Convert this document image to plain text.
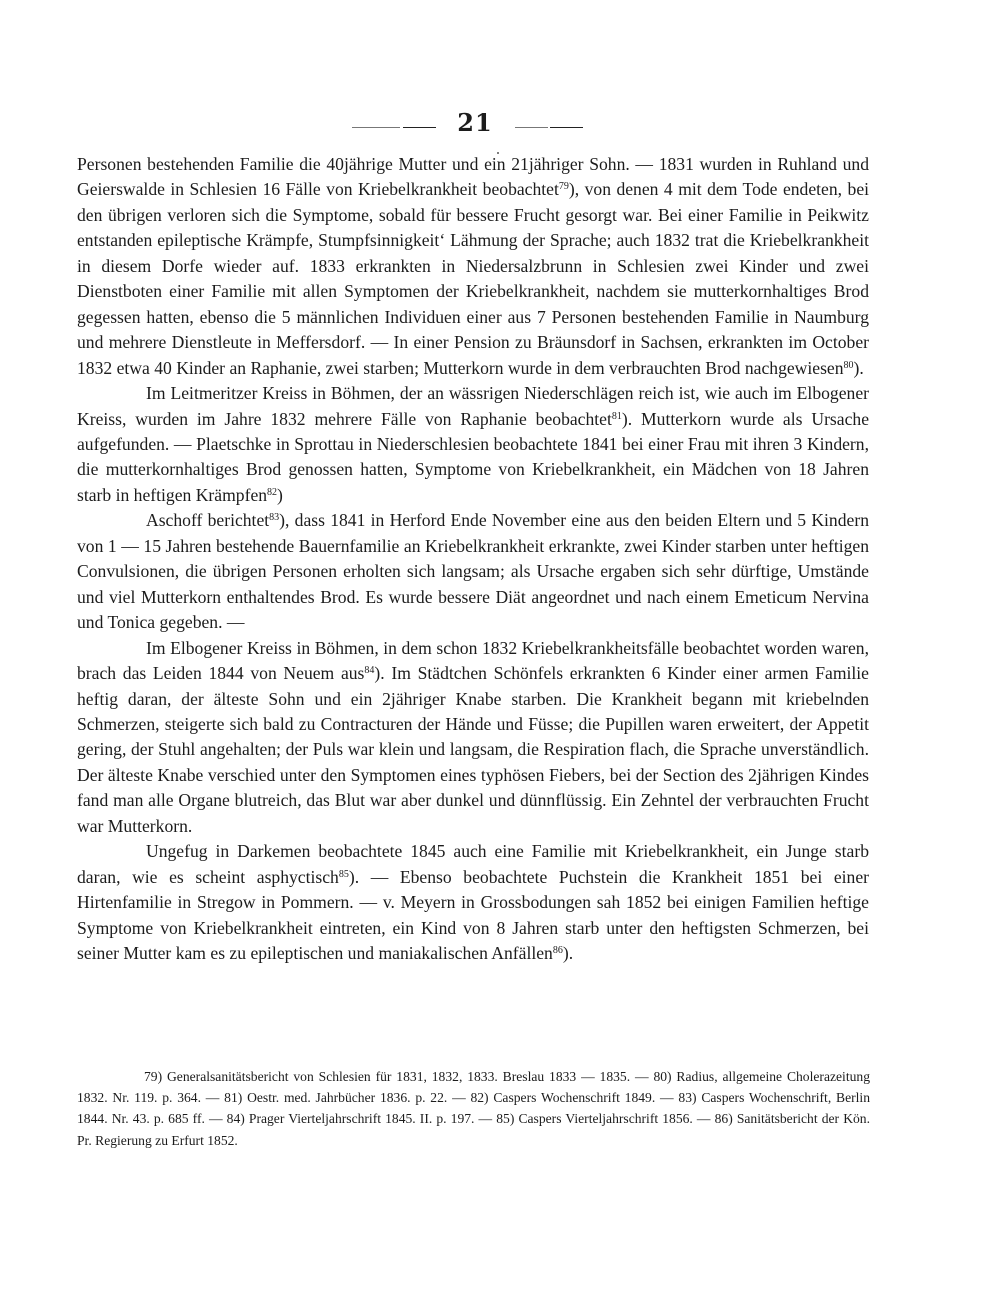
21

Personen bestehenden Familie die 40jährige Mutter und ein 21jähriger Sohn. — 1831 wurden in Ruhland und Geierswalde in Schlesien 16 Fälle von Kriebelkrankheit beobachtet$^{79}$), von denen 4 mit dem Tode endeten, bei den übrigen verloren sich die Symptome, sobald für bessere Frucht gesorgt war. Bei einer Familie in Peikwitz entstanden epileptische Krämpfe, Stumpfsinnigkeit‘ Lähmung der Sprache; auch 1832 trat die Kriebelkrankheit in diesem Dorfe wieder auf. 1833 erkrankten in Niedersalzbrunn in Schlesien zwei Kinder und zwei Dienstboten einer Familie mit allen Symptomen der Kriebelkrankheit, nachdem sie mutterkornhaltiges Brod gegessen hatten, ebenso die 5 männlichen Individuen einer aus 7 Personen bestehenden Familie in Naumburg und mehrere Dienstleute in Meffersdorf. — In einer Pension zu Bräunsdorf in Sachsen, erkrankten im October 1832 etwa 40 Kinder an Raphanie, zwei starben; Mutterkorn wurde in dem verbrauchten Brod nachgewiesen$^{80}$).

Im Leitmeritzer Kreiss in Böhmen, der an wässrigen Niederschlägen reich ist, wie auch im Elbogener Kreiss, wurden im Jahre 1832 mehrere Fälle von Raphanie beobachtet$^{81}$). Mutterkorn wurde als Ursache aufgefunden. — Plaetschke in Sprottau in Niederschlesien beobachtete 1841 bei einer Frau mit ihren 3 Kindern, die mutterkornhaltiges Brod genossen hatten, Symptome von Kriebelkrankheit, ein Mädchen von 18 Jahren starb in heftigen Krämpfen$^{82}$)

Aschoff berichtet$^{83}$), dass 1841 in Herford Ende November eine aus den beiden Eltern und 5 Kindern von 1 — 15 Jahren bestehende Bauernfamilie an Kriebelkrankheit erkrankte, zwei Kinder starben unter heftigen Convulsionen, die übrigen Personen erholten sich langsam; als Ursache ergaben sich sehr dürftige, Umstände und viel Mutterkorn enthaltendes Brod. Es wurde bessere Diät angeordnet und nach einem Emeticum Nervina und Tonica gegeben. —

Im Elbogener Kreiss in Böhmen, in dem schon 1832 Kriebelkrankheitsfälle beobachtet worden waren, brach das Leiden 1844 von Neuem aus$^{84}$). Im Städtchen Schönfels erkrankten 6 Kinder einer armen Familie heftig daran, der älteste Sohn und ein 2jähriger Knabe starben. Die Krankheit begann mit kriebelnden Schmerzen, steigerte sich bald zu Contracturen der Hände und Füsse; die Pupillen waren erweitert, der Appetit gering, der Stuhl angehalten; der Puls war klein und langsam, die Respiration flach, die Sprache unverständlich. Der älteste Knabe verschied unter den Symptomen eines typhösen Fiebers, bei der Section des 2jährigen Kindes fand man alle Organe blutreich, das Blut war aber dunkel und dünnflüssig. Ein Zehntel der verbrauchten Frucht war Mutterkorn.

Ungefug in Darkemen beobachtete 1845 auch eine Familie mit Kriebelkrankheit, ein Junge starb daran, wie es scheint asphyctisch$^{85}$). — Ebenso beobachtete Puchstein die Krankheit 1851 bei einer Hirtenfamilie in Stregow in Pommern. — v. Meyern in Grossbodungen sah 1852 bei einigen Familien heftige Symptome von Kriebelkrankheit eintreten, ein Kind von 8 Jahren starb unter den heftigsten Schmerzen, bei seiner Mutter kam es zu epileptischen und maniakalischen Anfällen$^{86}$).

79) Generalsanitätsbericht von Schlesien für 1831, 1832, 1833. Breslau 1833 — 1835. — 80) Radius, allgemeine Cholerazeitung 1832. Nr. 119. p. 364. — 81) Oestr. med. Jahrbücher 1836. p. 22. — 82) Caspers Wochenschrift 1849. — 83) Caspers Wochenschrift, Berlin 1844. Nr. 43. p. 685 ff. — 84) Prager Vierteljahrschrift 1845. II. p. 197. — 85) Caspers Vierteljahrschrift 1856. — 86) Sanitätsbericht der Kön. Pr. Regierung zu Erfurt 1852.
